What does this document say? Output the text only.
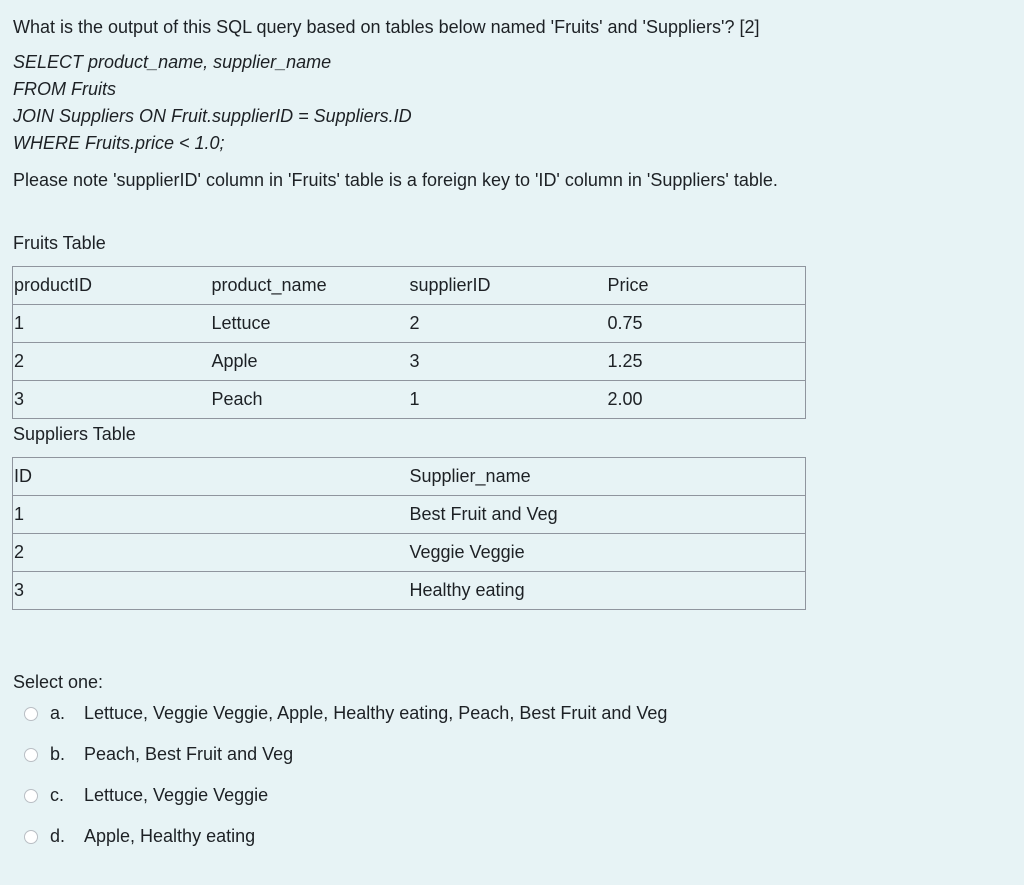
What is the output of this SQL query based on tables below named 'Fruits' and 'Suppliers'? [2]
SELECT product_name, supplier_name
FROM Fruits
JOIN Suppliers ON Fruit.supplierID = Suppliers.ID
WHERE Fruits.price < 1.0;
Please note 'supplierID' column in 'Fruits' table is a foreign key to 'ID' column in 'Suppliers' table.
Fruits Table
productID	product_name	supplierID	Price
1	Lettuce	2	0.75
2	Apple	3	1.25
3	Peach	1	2.00
Suppliers Table
ID		Supplier_name	
1		Best Fruit and Veg	
2		Veggie Veggie	
3		Healthy eating	
Select one:
a.	Lettuce, Veggie Veggie, Apple, Healthy eating, Peach, Best Fruit and Veg
b.	Peach, Best Fruit and Veg
c.	Lettuce, Veggie Veggie
d.	Apple, Healthy eating
